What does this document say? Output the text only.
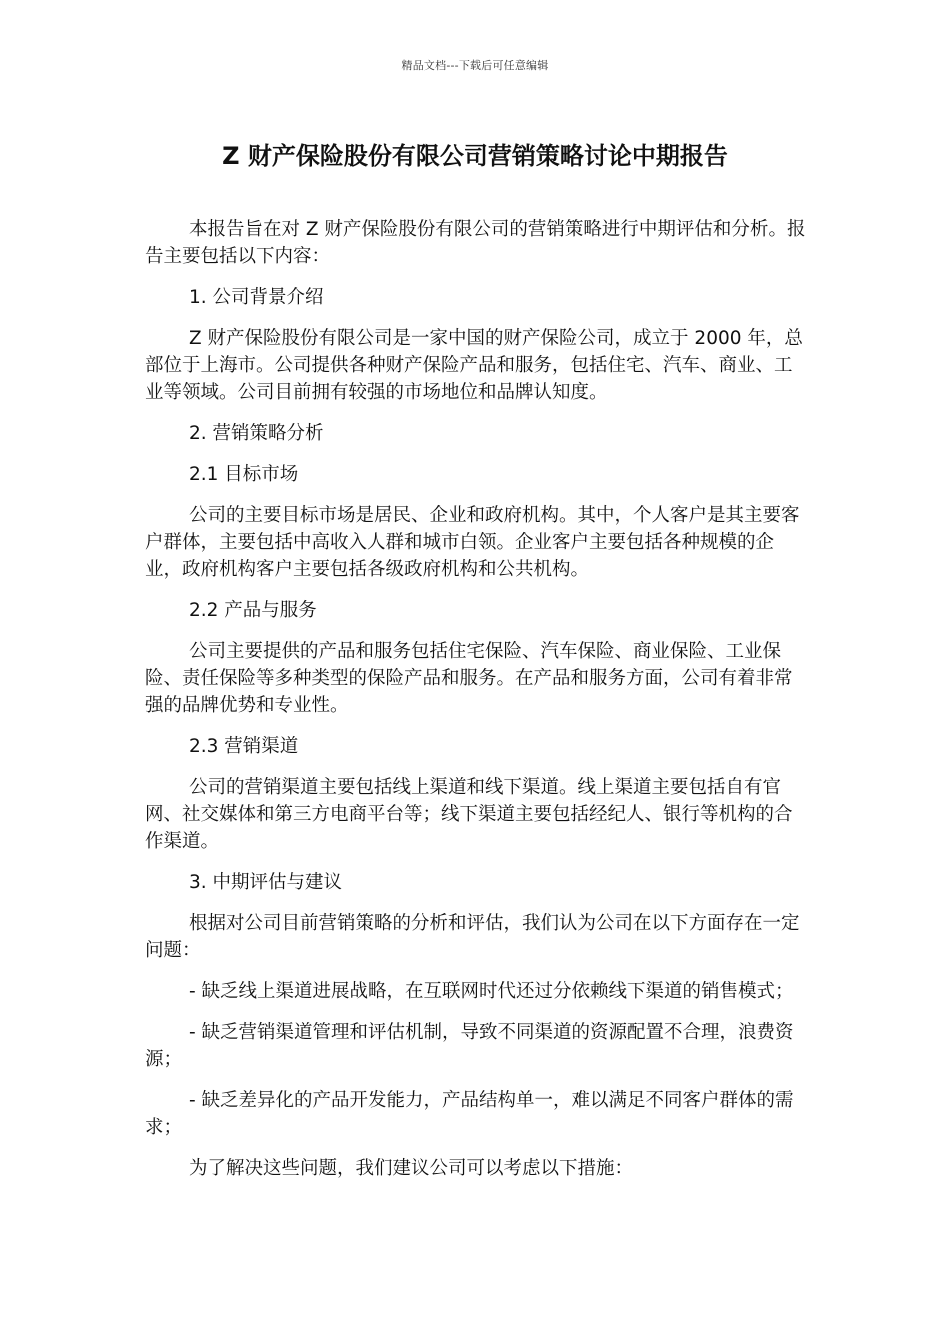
精品文档---下载后可任意编辑
Z 财产保险股份有限公司营销策略讨论中期报告

本报告旨在对 Z 财产保险股份有限公司的营销策略进行中期评估和分析。报告主要包括以下内容：

1. 公司背景介绍

Z 财产保险股份有限公司是一家中国的财产保险公司，成立于 2000 年，总部位于上海市。公司提供各种财产保险产品和服务，包括住宅、汽车、商业、工业等领域。公司目前拥有较强的市场地位和品牌认知度。

2. 营销策略分析

2.1 目标市场

公司的主要目标市场是居民、企业和政府机构。其中，个人客户是其主要客户群体，主要包括中高收入人群和城市白领。企业客户主要包括各种规模的企业，政府机构客户主要包括各级政府机构和公共机构。

2.2 产品与服务

公司主要提供的产品和服务包括住宅保险、汽车保险、商业保险、工业保险、责任保险等多种类型的保险产品和服务。在产品和服务方面，公司有着非常强的品牌优势和专业性。

2.3 营销渠道

公司的营销渠道主要包括线上渠道和线下渠道。线上渠道主要包括自有官网、社交媒体和第三方电商平台等；线下渠道主要包括经纪人、银行等机构的合作渠道。

3. 中期评估与建议

根据对公司目前营销策略的分析和评估，我们认为公司在以下方面存在一定问题：

- 缺乏线上渠道进展战略，在互联网时代还过分依赖线下渠道的销售模式；

- 缺乏营销渠道管理和评估机制，导致不同渠道的资源配置不合理，浪费资源；

- 缺乏差异化的产品开发能力，产品结构单一，难以满足不同客户群体的需求；

为了解决这些问题，我们建议公司可以考虑以下措施：
